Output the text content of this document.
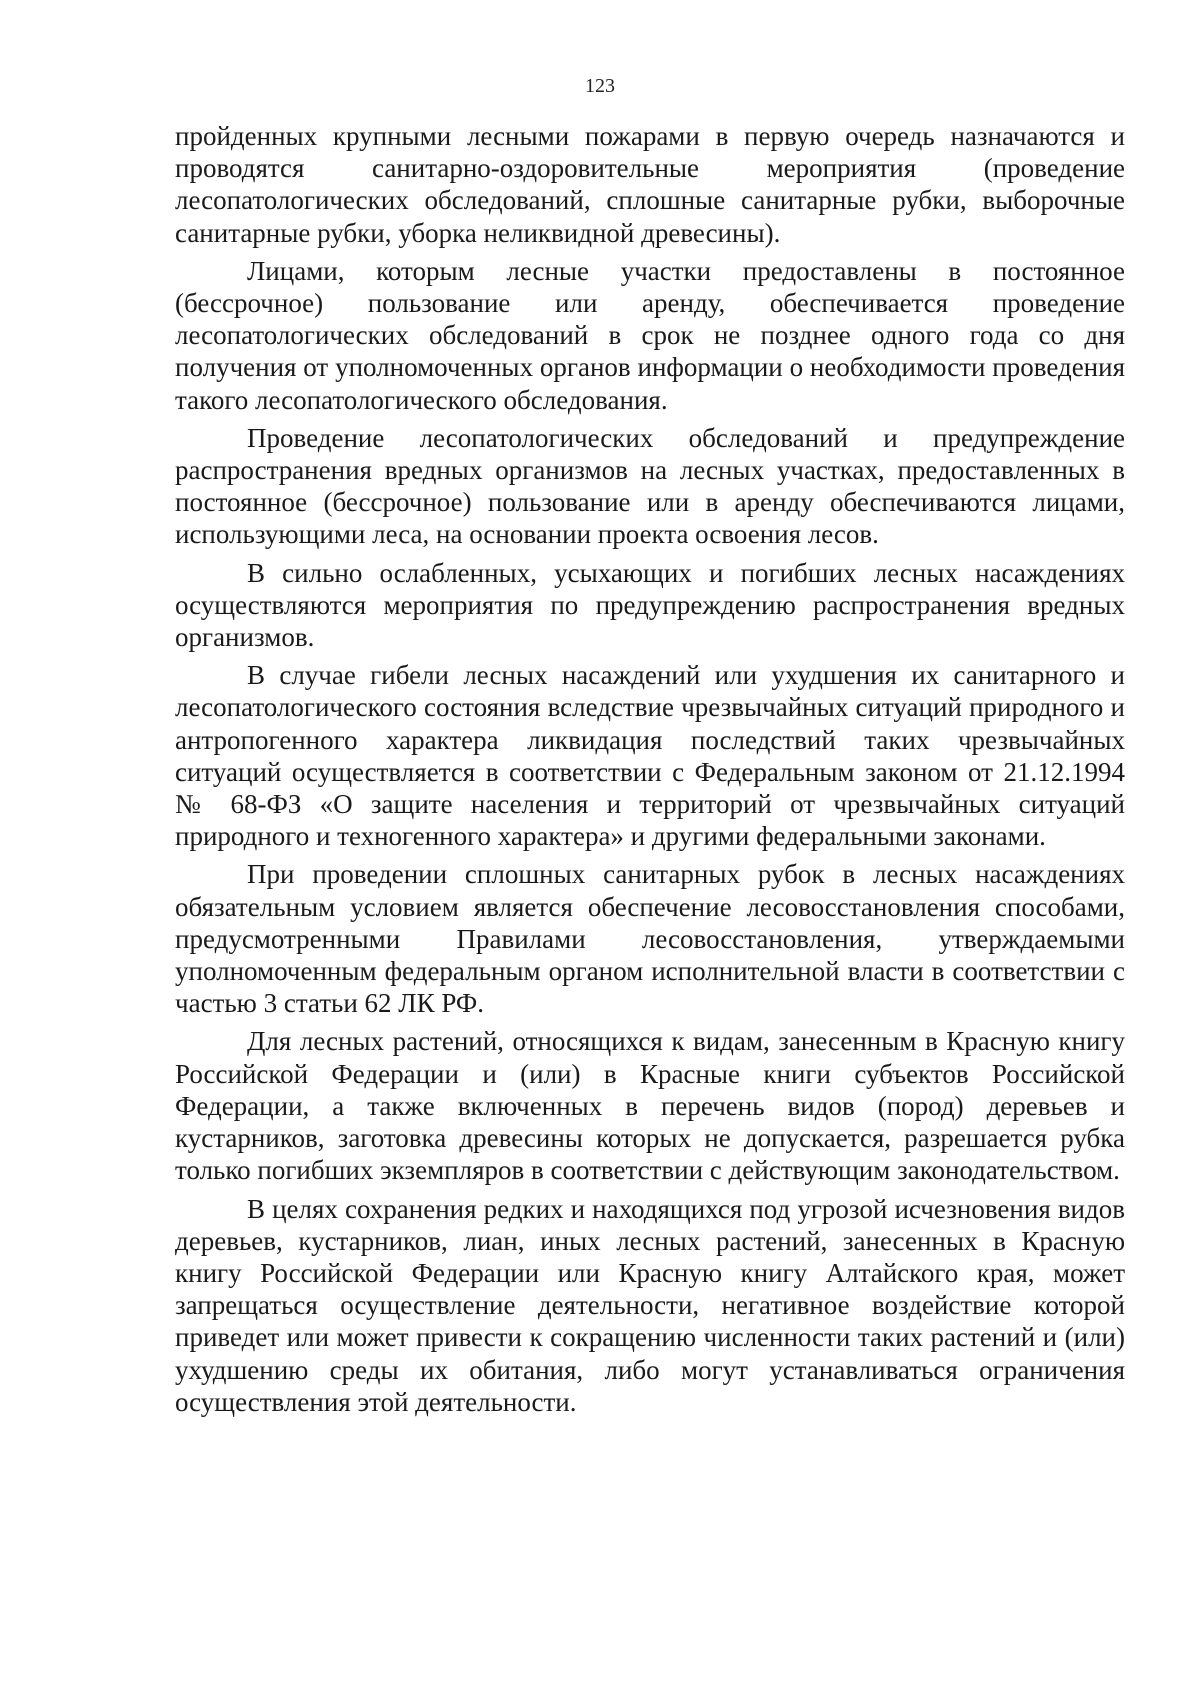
123

пройденных крупными лесными пожарами в первую очередь назначаются и проводятся санитарно-оздоровительные мероприятия (проведение лесопатологических обследований, сплошные санитарные рубки, выборочные санитарные рубки, уборка неликвидной древесины).

Лицами, которым лесные участки предоставлены в постоянное (бессрочное) пользование или аренду, обеспечивается проведение лесопатологических обследований в срок не позднее одного года со дня получения от уполномоченных органов информации о необходимости проведения такого лесопатологического обследования.

Проведение лесопатологических обследований и предупреждение распространения вредных организмов на лесных участках, предоставленных в постоянное (бессрочное) пользование или в аренду обеспечиваются лицами, использующими леса, на основании проекта освоения лесов.

В сильно ослабленных, усыхающих и погибших лесных насаждениях осуществляются мероприятия по предупреждению распространения вредных организмов.

В случае гибели лесных насаждений или ухудшения их санитарного и лесопатологического состояния вследствие чрезвычайных ситуаций природного и антропогенного характера ликвидация последствий таких чрезвычайных ситуаций осуществляется в соответствии с Федеральным законом от 21.12.1994 № 68-ФЗ «О защите населения и территорий от чрезвычайных ситуаций природного и техногенного характера» и другими федеральными законами.

При проведении сплошных санитарных рубок в лесных насаждениях обязательным условием является обеспечение лесовосстановления способами, предусмотренными Правилами лесовосстановления, утверждаемыми уполномоченным федеральным органом исполнительной власти в соответствии с частью 3 статьи 62 ЛК РФ.

Для лесных растений, относящихся к видам, занесенным в Красную книгу Российской Федерации и (или) в Красные книги субъектов Российской Федерации, а также включенных в перечень видов (пород) деревьев и кустарников, заготовка древесины которых не допускается, разрешается рубка только погибших экземпляров в соответствии с действующим законодательством.

В целях сохранения редких и находящихся под угрозой исчезновения видов деревьев, кустарников, лиан, иных лесных растений, занесенных в Красную книгу Российской Федерации или Красную книгу Алтайского края, может запрещаться осуществление деятельности, негативное воздействие которой приведет или может привести к сокращению численности таких растений и (или) ухудшению среды их обитания, либо могут устанавливаться ограничения осуществления этой деятельности.
